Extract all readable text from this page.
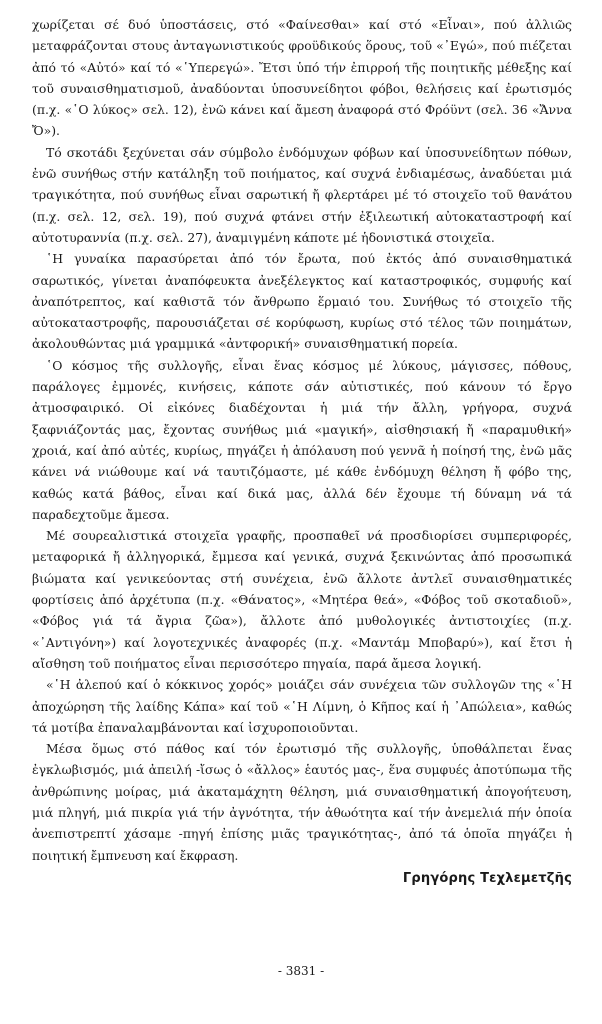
χωρίζεται σέ δυό ὑποστάσεις, στό «Φαίνεσθαι» καί στό «Εἶναι», πού ἀλλιῶς μεταφράζονται στους ἀνταγωνιστικούς φροϋδικούς ὅρους, τοῦ «᾿Εγώ», πού πιέζεται ἀπό τό «Αὐτό» καί τό «῾Υπερεγώ». Ἔτσι ὑπό τήν ἐπιρροή τῆς ποιητικῆς μέθεξης καί τοῦ συναισθηματισμοῦ, ἀναδύονται ὑποσυνείδητοι φόβοι, θελήσεις καί ἐρωτισμός (π.χ. «῾Ο λύκος» σελ. 12), ἐνῶ κάνει καί ἄμεση ἀναφορά στό Φρόϋντ (σελ. 36 «Ἄννα Ὄ»).

Τό σκοτάδι ξεχύνεται σάν σύμβολο ἐνδόμυχων φόβων καί ὑποσυνείδητων πόθων, ἐνῶ συνήθως στήν κατάληξη τοῦ ποιήματος, καί συχνά ἐνδιαμέσως, ἀναδύεται μιά τραγικότητα, πού συνήθως εἶναι σαρωτική ἤ φλερτάρει μέ τό στοιχεῖο τοῦ θανάτου (π.χ. σελ. 12, σελ. 19), πού συχνά φτάνει στήν ἐξιλεωτική αὐτοκαταστροφή καί αὐτοτυραννία (π.χ. σελ. 27), ἀναμιγμένη κάποτε μέ ἡδονιστικά στοιχεῖα.

῾Η γυναίκα παρασύρεται ἀπό τόν ἔρωτα, πού ἐκτός ἀπό συναισθηματικά σαρωτικός, γίνεται ἀναπόφευκτα ἀνεξέλεγκτος καί καταστροφικός, συμφυής καί ἀναπότρεπτος, καί καθιστᾶ τόν ἄνθρωπο ἕρμαιό του. Συνήθως τό στοιχεῖο τῆς αὐτοκαταστροφῆς, παρουσιάζεται σέ κορύφωση, κυρίως στό τέλος τῶν ποιημάτων, ἀκολουθώντας μιά γραμμικά «ἀντφορική» συναισθηματική πορεία.

῾Ο κόσμος τῆς συλλογῆς, εἶναι ἕνας κόσμος μέ λύκους, μάγισσες, πόθους, παράλογες ἐμμονές, κινήσεις, κάποτε σάν αὐτιστικές, πού κάνουν τό ἔργο ἀτμοσφαιρικό. Οἱ εἰκόνες διαδέχονται ἡ μιά τήν ἄλλη, γρήγορα, συχνά ξαφνιάζοντάς μας, ἔχοντας συνήθως μιά «μαγική», αἰσθησιακή ἤ «παραμυθική» χροιά, καί ἀπό αὐτές, κυρίως, πηγάζει ἡ ἀπόλαυση πού γεννᾶ ἡ ποίησή της, ἐνῶ μᾶς κάνει νά νιώθουμε καί νά ταυτιζόμαστε, μέ κάθε ἐνδόμυχη θέληση ἤ φόβο της, καθώς κατά βάθος, εἶναι καί δικά μας, ἀλλά δέν ἔχουμε τή δύναμη νά τά παραδεχτοῦμε ἄμεσα.

Μέ σουρεαλιστικά στοιχεῖα γραφῆς, προσπαθεῖ νά προσδιορίσει συμπεριφορές, μεταφορικά ἤ ἀλληγορικά, ἔμμεσα καί γενικά, συχνά ξεκινώντας ἀπό προσωπικά βιώματα καί γενικεύοντας στή συνέχεια, ἐνῶ ἄλλοτε ἀντλεῖ συναισθηματικές φορτίσεις ἀπό ἀρχέτυπα (π.χ. «Θάνατος», «Μητέρα θεά», «Φόβος τοῦ σκοταδιοῦ», «Φόβος γιά τά ἄγρια ζῶα»), ἄλλοτε ἀπό μυθολογικές ἀντιστοιχίες (π.χ. «᾿Αντιγόνη») καί λογοτεχνικές ἀναφορές (π.χ. «Μαντάμ Μποβαρύ»), καί ἔτσι ἡ αἴσθηση τοῦ ποιήματος εἶναι περισσότερο πηγαία, παρά ἄμεσα λογική.

«῾Η ἀλεπού καί ὁ κόκκινος χορός» μοιάζει σάν συνέχεια τῶν συλλογῶν της «῾Η ἀποχώρηση τῆς λαίδης Κάπα» καί τοῦ «῾Η Λίμνη, ὁ Κῆπος καί ἡ ᾿Απώλεια», καθώς τά μοτίβα ἐπαναλαμβάνονται καί ἰσχυροποιοῦνται.

Μέσα ὅμως στό πάθος καί τόν ἐρωτισμό τῆς συλλογῆς, ὑποθάλπεται ἕνας ἐγκλωβισμός, μιά ἀπειλή -ἴσως ὁ «ἄλλος» ἑαυτός μας-, ἕνα συμφυές ἀποτύπωμα τῆς ἀνθρώπινης μοίρας, μιά ἀκαταμάχητη θέληση, μιά συναισθηματική ἀπογοήτευση, μιά πληγή, μιά πικρία γιά τήν ἀγνότητα, τήν ἀθωότητα καί τήν ἀνεμελιά πήν ὁποία ἀνεπιστρεπτί χάσαμε -πηγή ἐπίσης μιᾶς τραγικότητας-, ἀπό τά ὁποῖα πηγάζει ἡ ποιητική ἔμπνευση καί ἔκφραση.

Γρηγόρης Τεχλεμετζῆς

- 3831 -
